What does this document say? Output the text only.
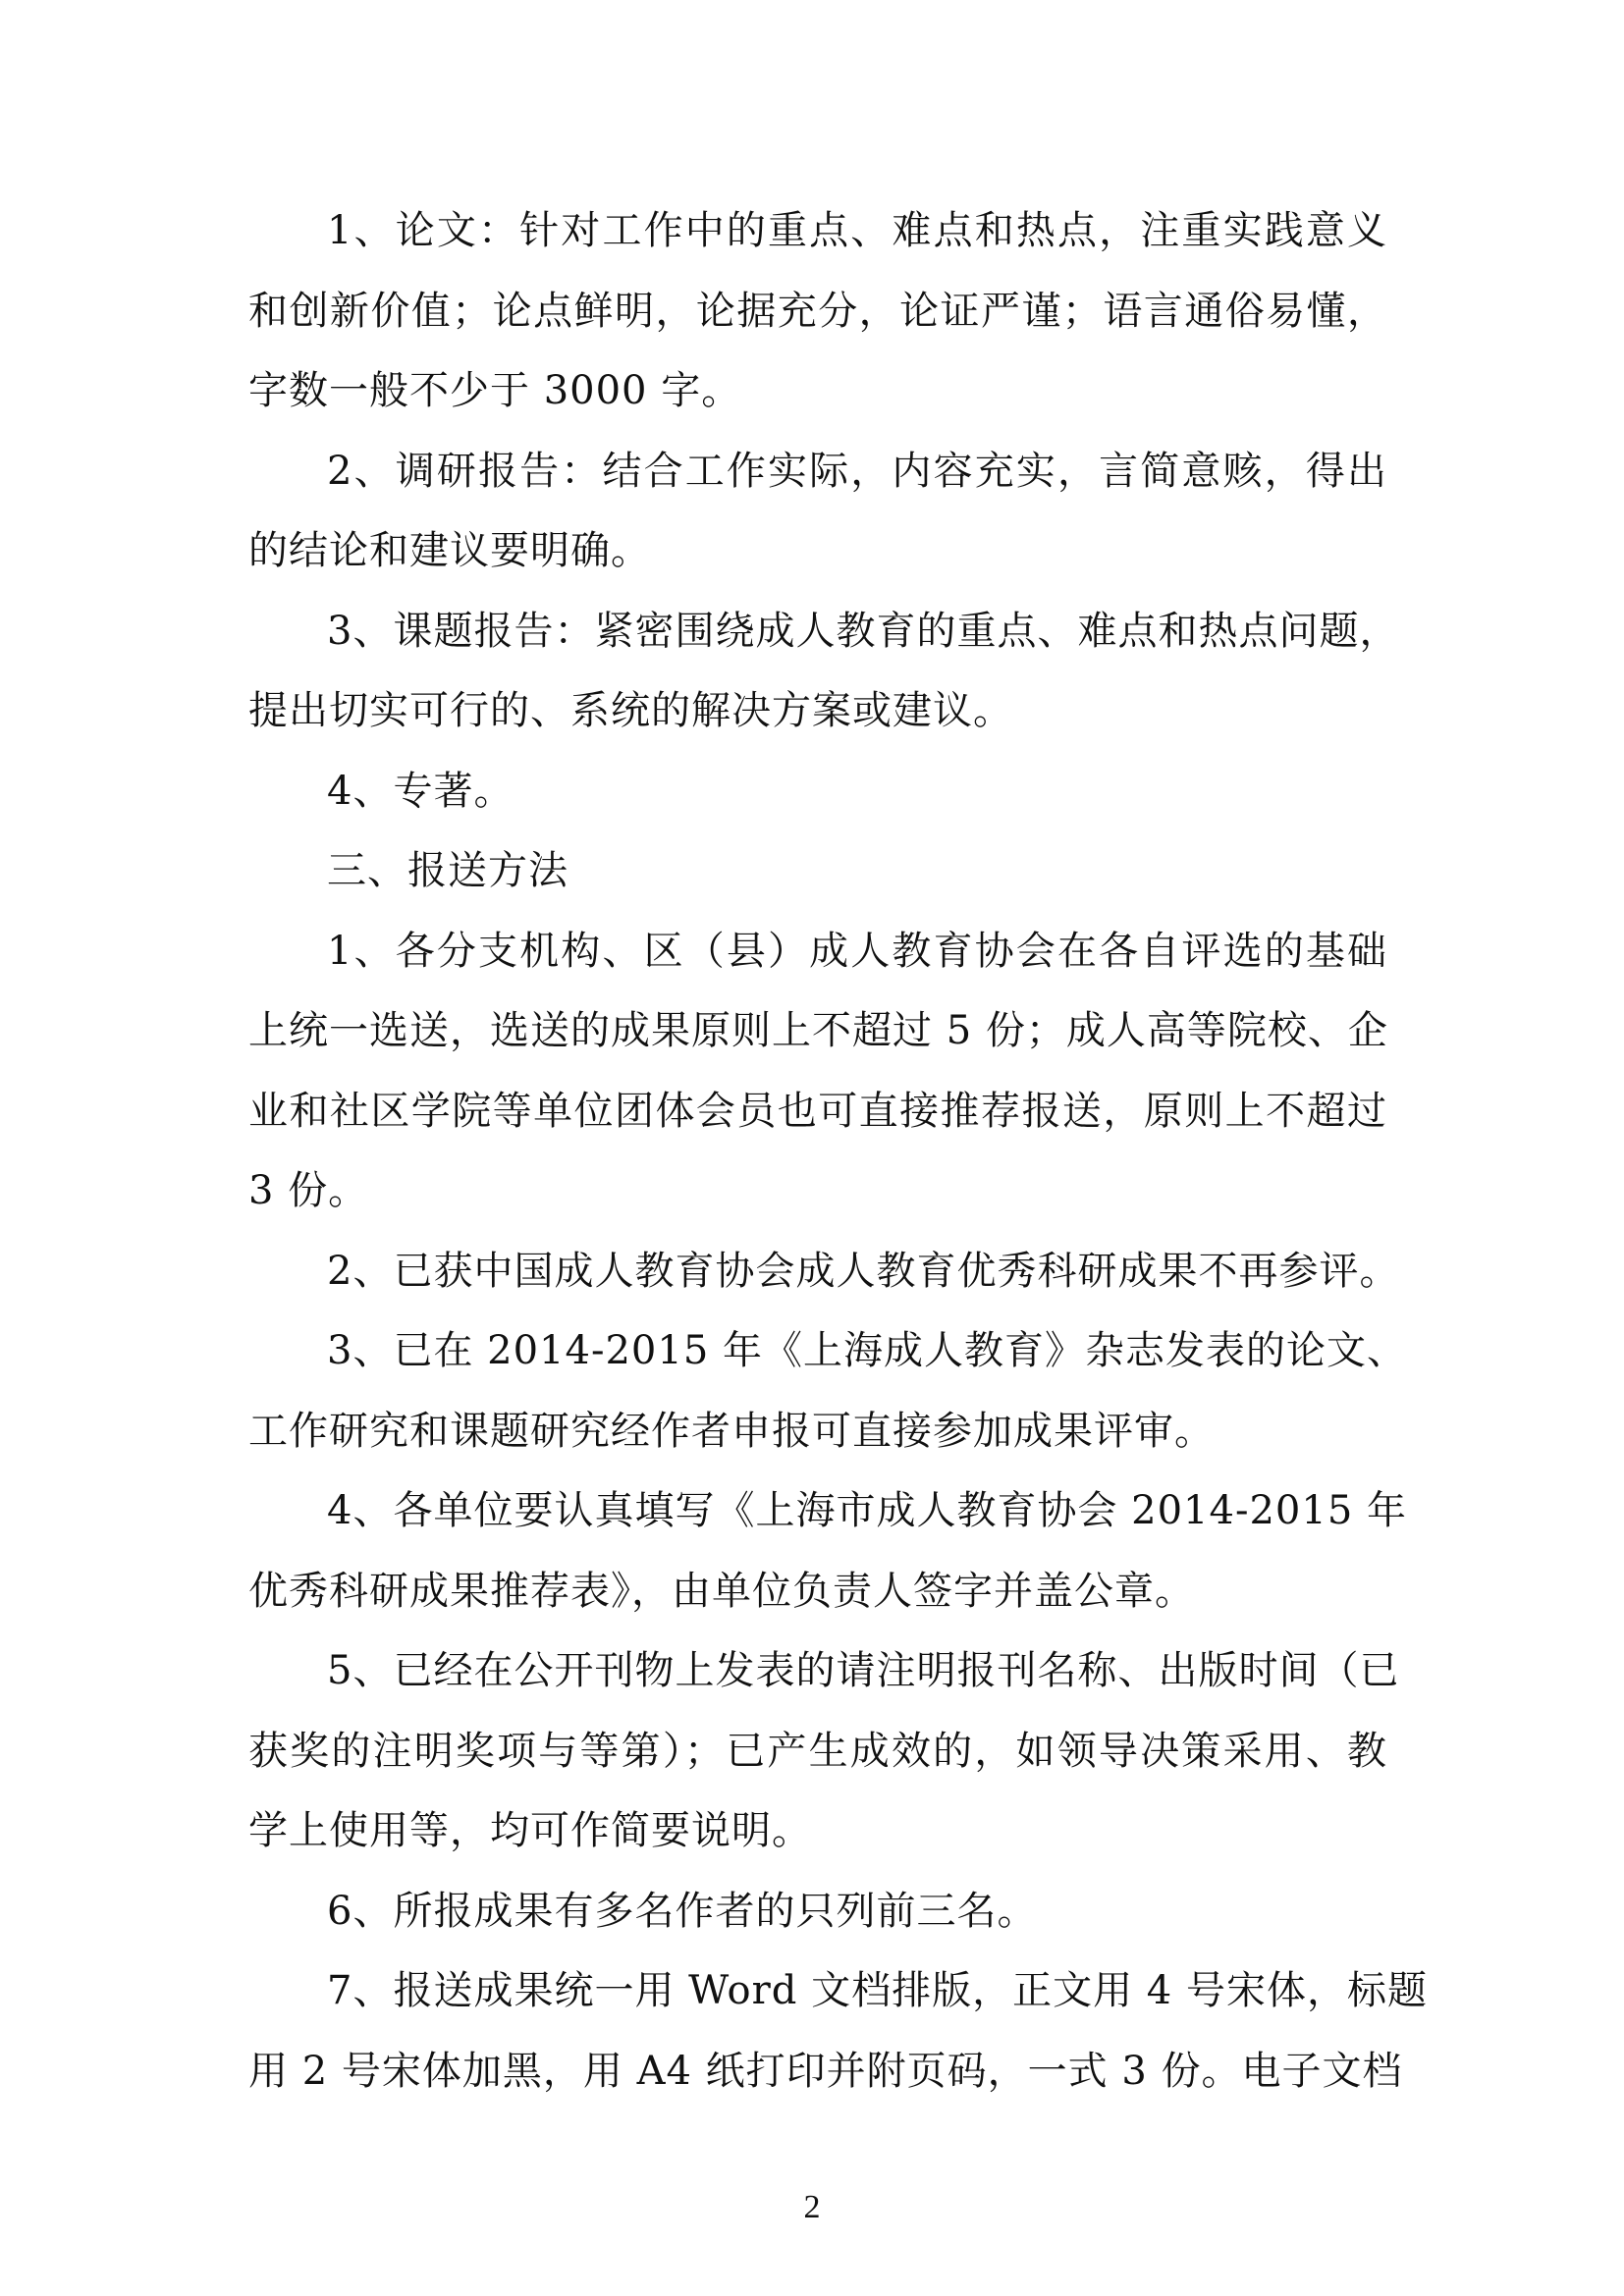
1、论文：针对工作中的重点、难点和热点，注重实践意义
和创新价值；论点鲜明，论据充分，论证严谨；语言通俗易懂，
字数一般不少于 3000 字。

2、调研报告：结合工作实际，内容充实，言简意赅，得出
的结论和建议要明确。

3、课题报告：紧密围绕成人教育的重点、难点和热点问题，
提出切实可行的、系统的解决方案或建议。

4、专著。

三、报送方法

1、各分支机构、区（县）成人教育协会在各自评选的基础
上统一选送，选送的成果原则上不超过 5 份；成人高等院校、企
业和社区学院等单位团体会员也可直接推荐报送，原则上不超过
3 份。

2、已获中国成人教育协会成人教育优秀科研成果不再参评。

3、已在 2014-2015 年《上海成人教育》杂志发表的论文、
工作研究和课题研究经作者申报可直接参加成果评审。

4、各单位要认真填写《上海市成人教育协会 2014-2015 年
优秀科研成果推荐表》，由单位负责人签字并盖公章。

5、已经在公开刊物上发表的请注明报刊名称、出版时间（已
获奖的注明奖项与等第）；已产生成效的，如领导决策采用、教
学上使用等，均可作简要说明。

6、所报成果有多名作者的只列前三名。

7、报送成果统一用 Word 文档排版，正文用 4 号宋体，标题
用 2 号宋体加黑，用 A4 纸打印并附页码，一式 3 份。电子文档

2
